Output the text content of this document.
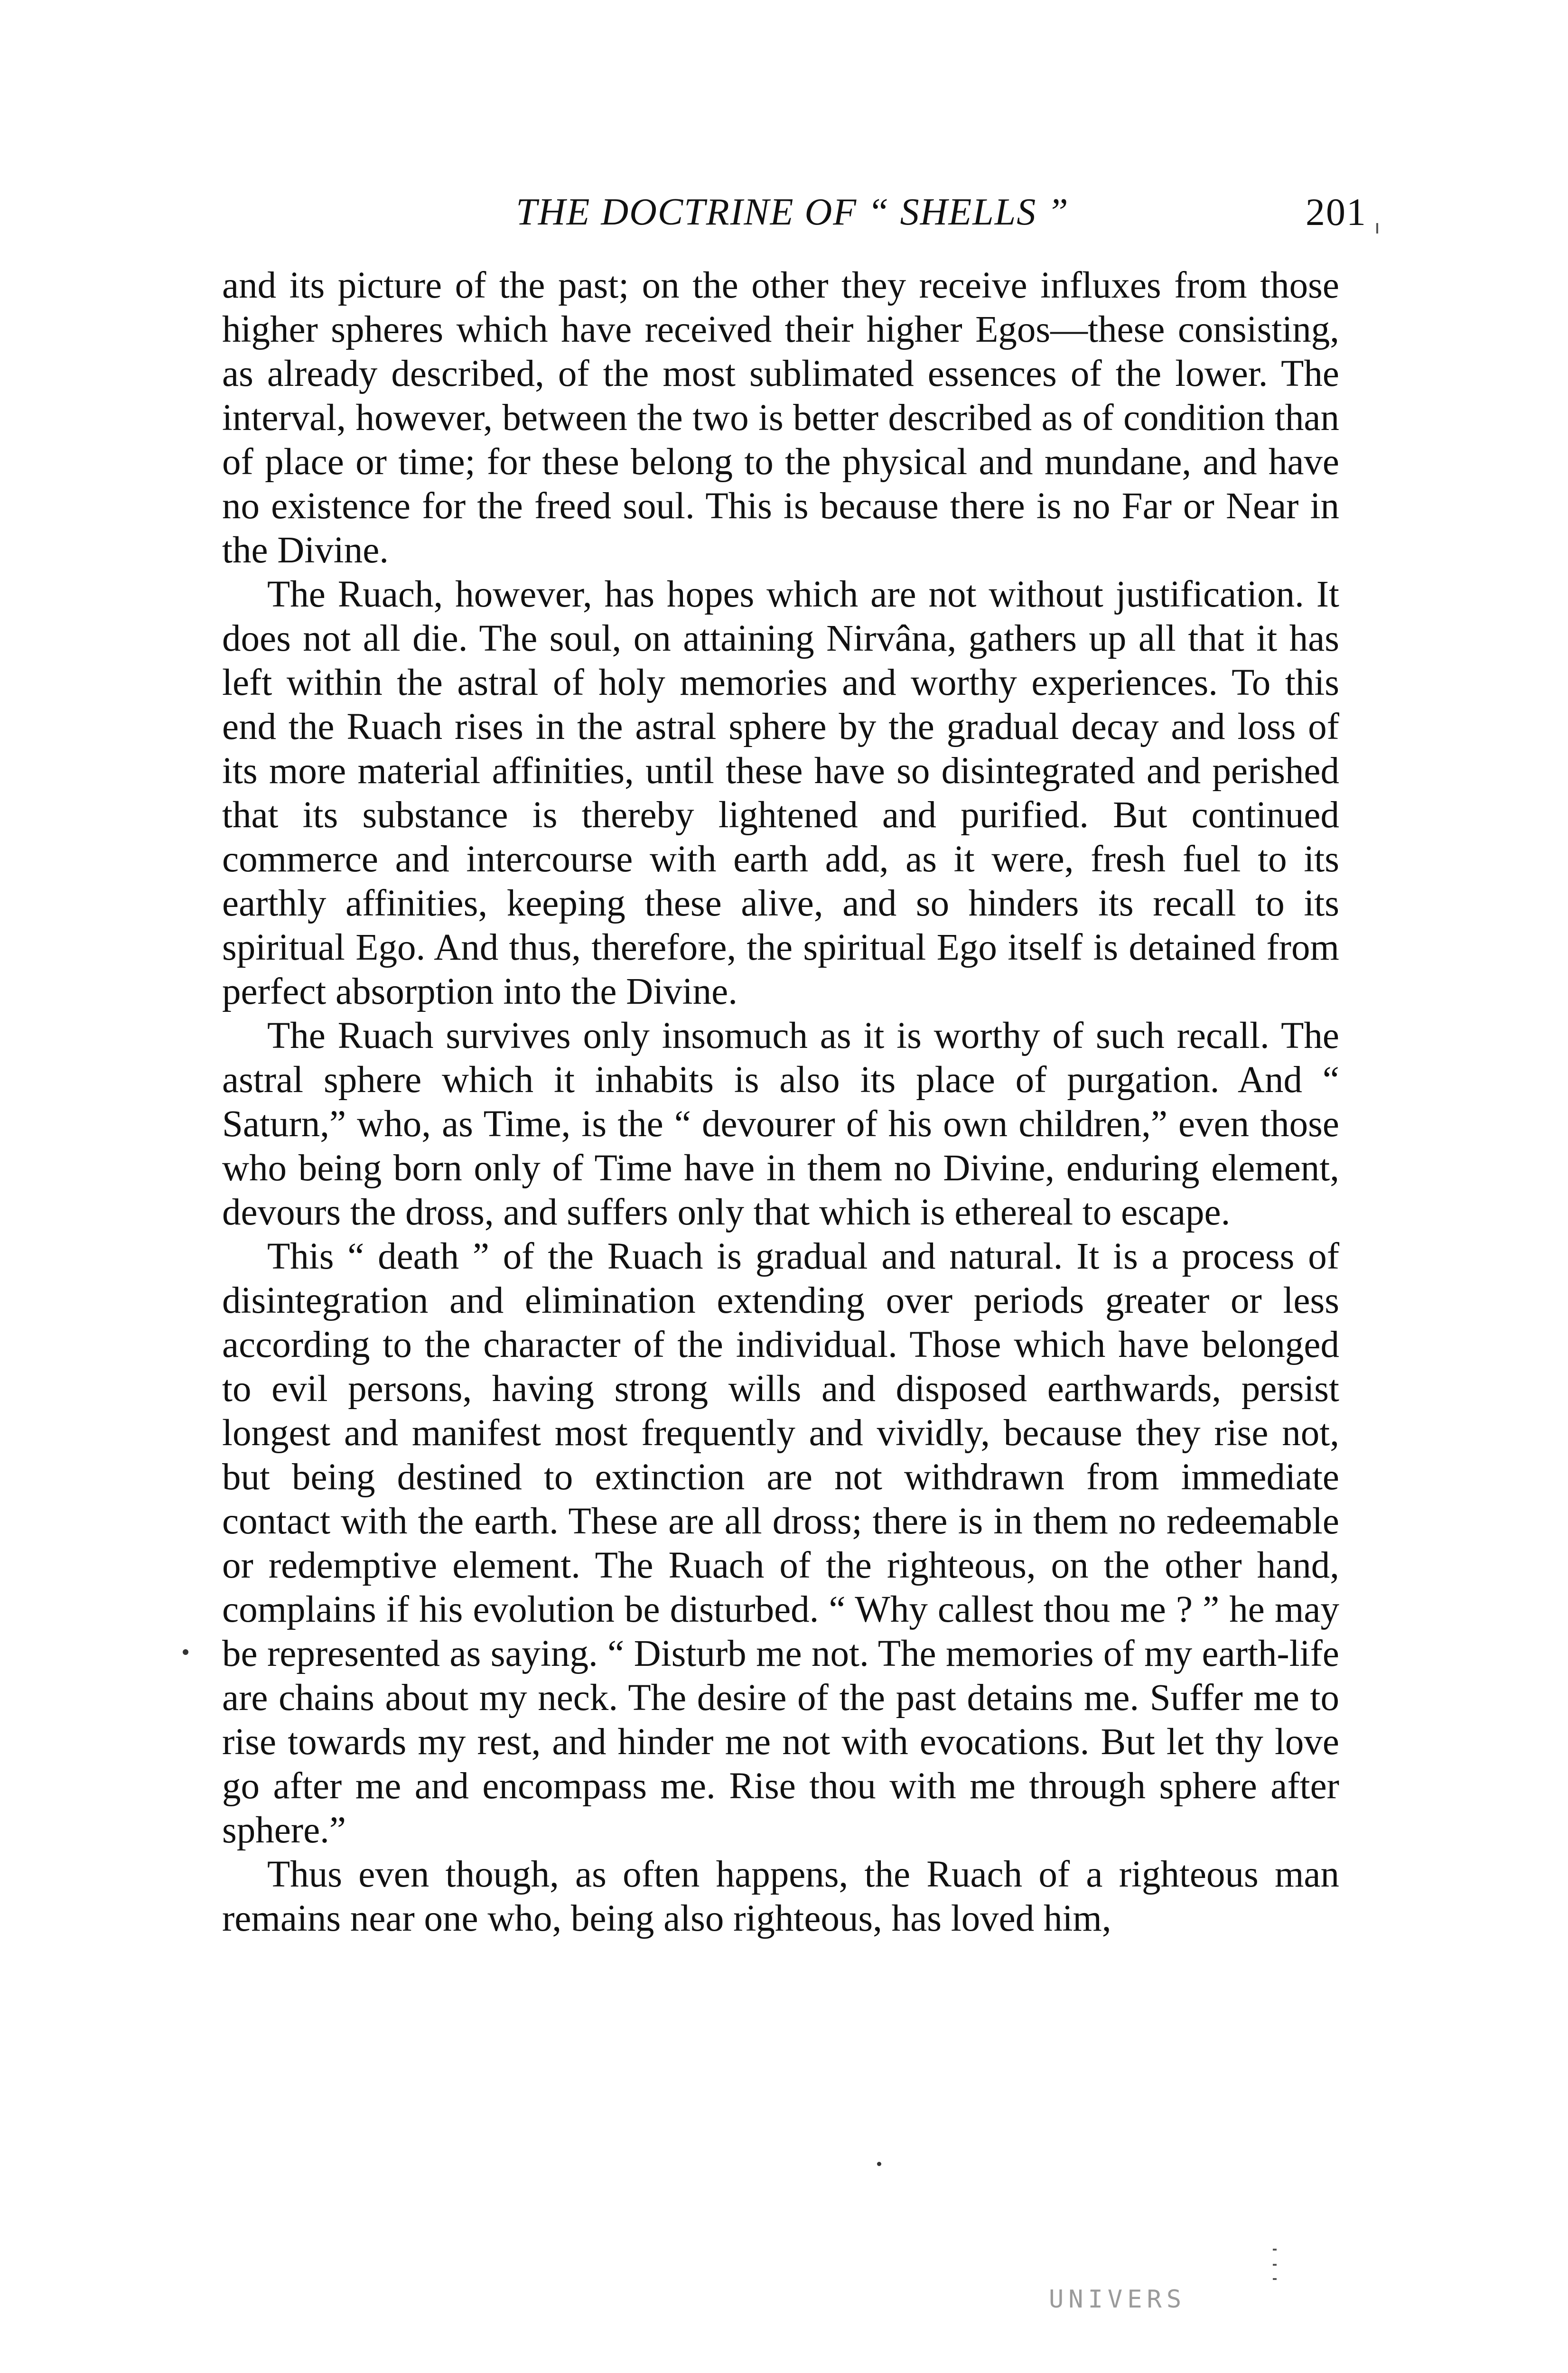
THE DOCTRINE OF “ SHELLS ”	201

and its picture of the past; on the other they receive influxes from those higher spheres which have received their higher Egos—these consisting, as already described, of the most sublimated essences of the lower. The interval, however, between the two is better described as of condition than of place or time; for these belong to the physical and mundane, and have no existence for the freed soul. This is because there is no Far or Near in the Divine.

The Ruach, however, has hopes which are not without justification. It does not all die. The soul, on attaining Nirvâna, gathers up all that it has left within the astral of holy memories and worthy experiences. To this end the Ruach rises in the astral sphere by the gradual decay and loss of its more material affinities, until these have so disintegrated and perished that its substance is thereby lightened and purified. But continued commerce and intercourse with earth add, as it were, fresh fuel to its earthly affinities, keeping these alive, and so hinders its recall to its spiritual Ego. And thus, therefore, the spiritual Ego itself is detained from perfect absorption into the Divine.

The Ruach survives only insomuch as it is worthy of such recall. The astral sphere which it inhabits is also its place of purgation. And “ Saturn,” who, as Time, is the “ devourer of his own children,” even those who being born only of Time have in them no Divine, enduring element, devours the dross, and suffers only that which is ethereal to escape.

This “ death ” of the Ruach is gradual and natural. It is a process of disintegration and elimination extending over periods greater or less according to the character of the individual. Those which have belonged to evil persons, having strong wills and disposed earthwards, persist longest and manifest most frequently and vividly, because they rise not, but being destined to extinction are not withdrawn from immediate contact with the earth. These are all dross; there is in them no redeemable or redemptive element. The Ruach of the righteous, on the other hand, complains if his evolution be disturbed. “ Why callest thou me ? ” he may be represented as saying. “ Disturb me not. The memories of my earth-life are chains about my neck. The desire of the past detains me. Suffer me to rise towards my rest, and hinder me not with evocations. But let thy love go after me and encompass me. Rise thou with me through sphere after sphere.”

Thus even though, as often happens, the Ruach of a righteous man remains near one who, being also righteous, has loved him,

UNIVERS
